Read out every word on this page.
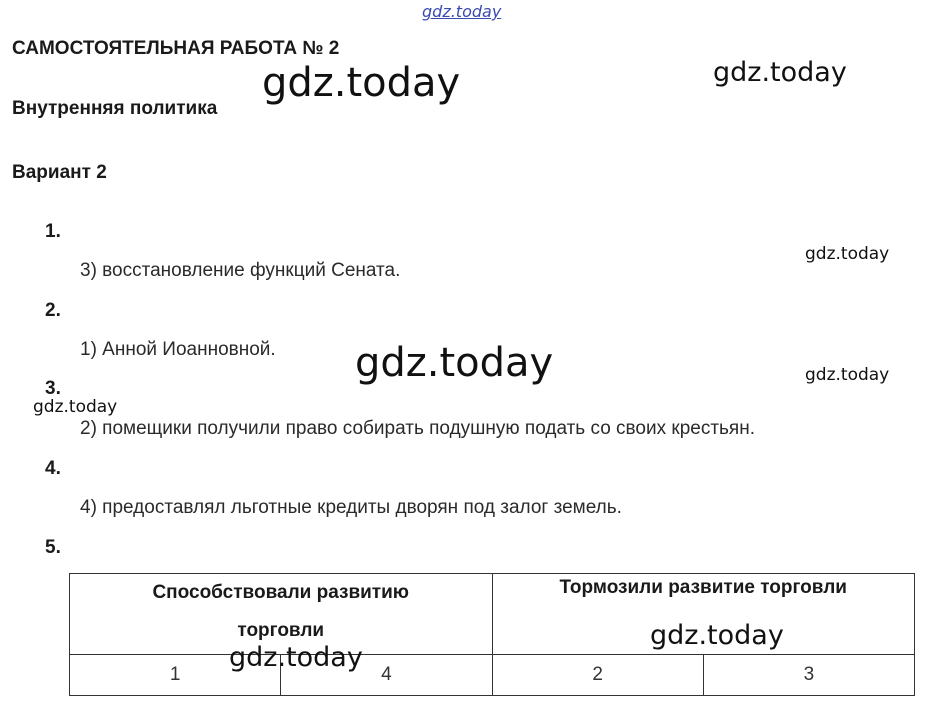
gdz.today
gdz.today	gdz.today
gdz.today
gdz.today	gdz.today
gdz.today
САМОСТОЯТЕЛЬНАЯ РАБОТА № 2
Внутренняя политика
Вариант 2
1.
3) восстановление функций Сената.
2.
1) Анной Иоанновной.
3.
2) помещики получили право собирать подушную подать со своих крестьян.
4.
4) предоставлял льготные кредиты дворян под залог земель.
5.
Способствовали развитию торговли		Тормозили развитие торговли	
1	4	2	3
gdz.today
gdz.today
